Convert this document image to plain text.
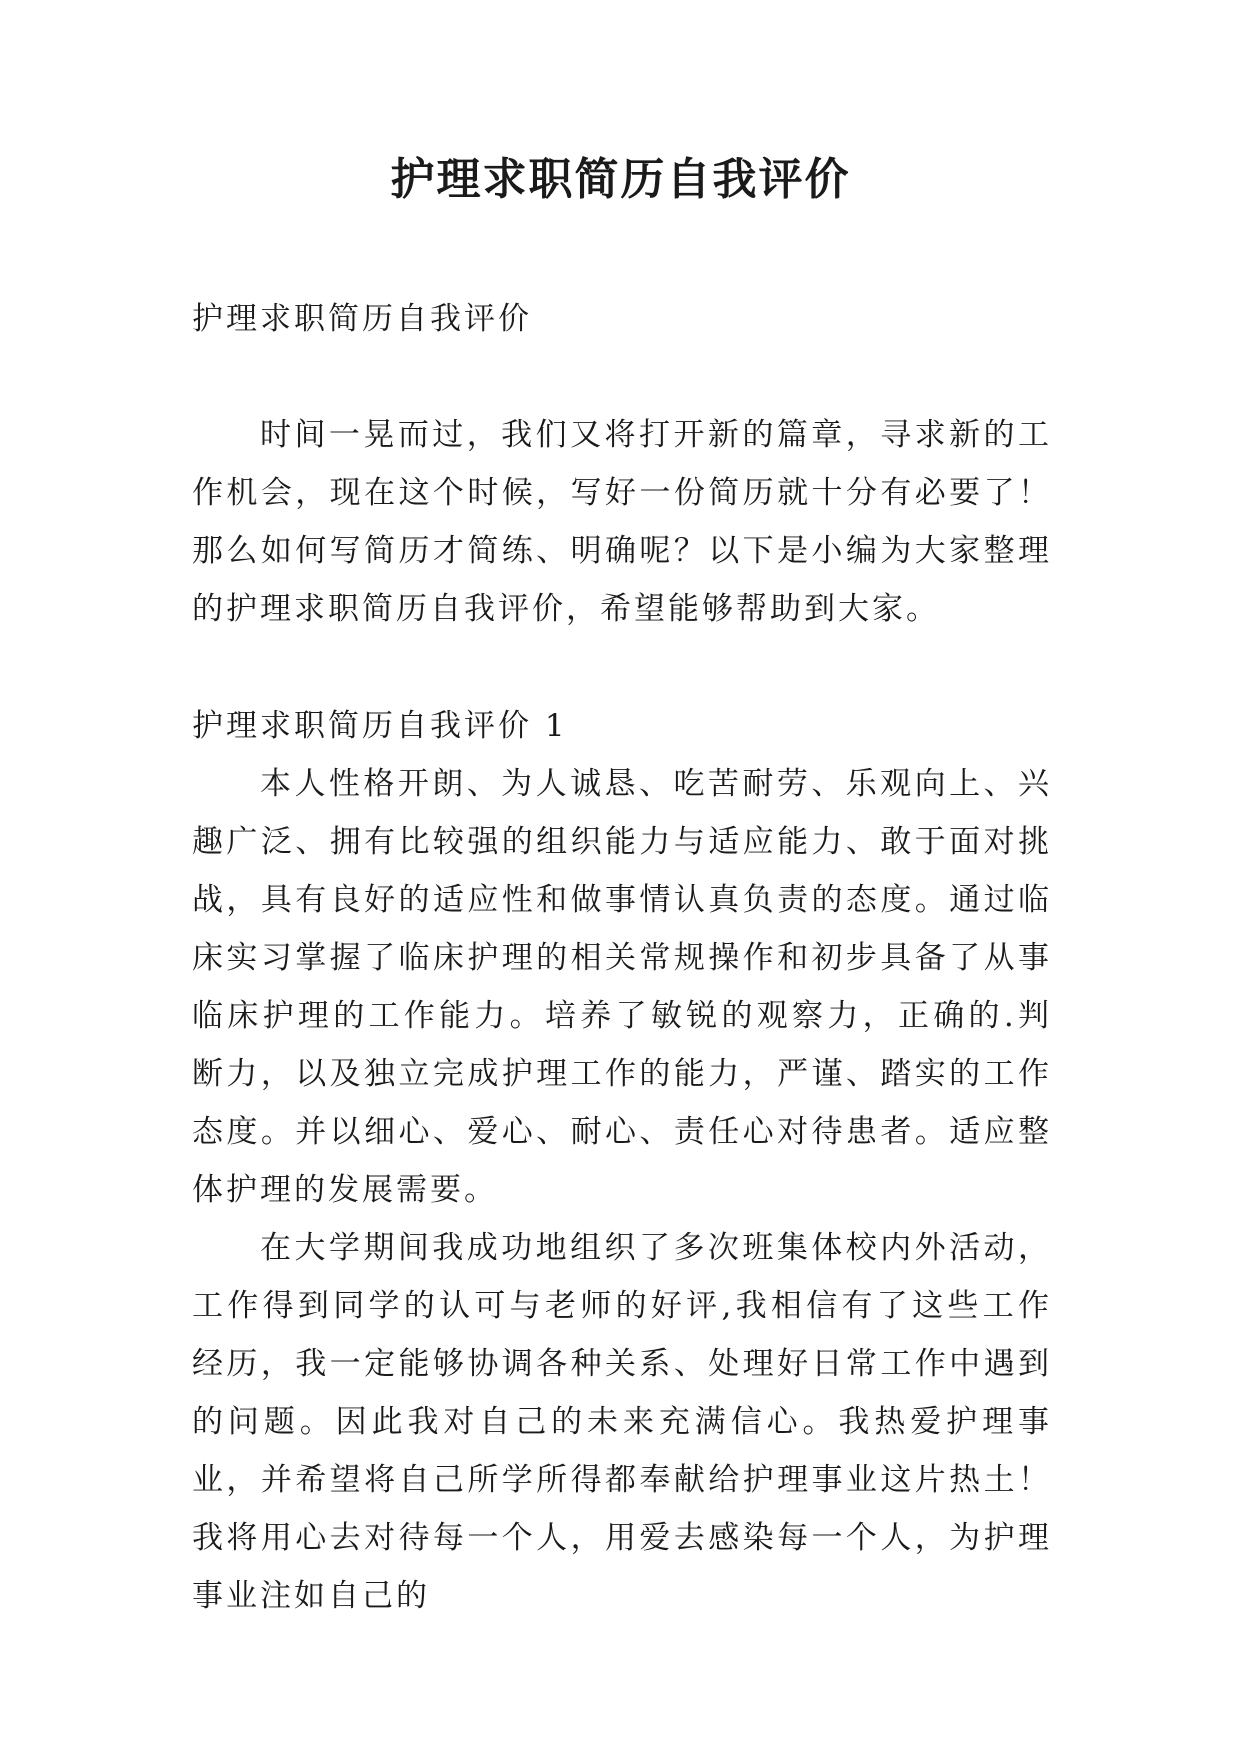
护理求职简历自我评价

护理求职简历自我评价

时间一晃而过，我们又将打开新的篇章，寻求新的工作机会，现在这个时候，写好一份简历就十分有必要了！那么如何写简历才简练、明确呢？以下是小编为大家整理的护理求职简历自我评价，希望能够帮助到大家。

护理求职简历自我评价 1

本人性格开朗、为人诚恳、吃苦耐劳、乐观向上、兴趣广泛、拥有比较强的组织能力与适应能力、敢于面对挑战，具有良好的适应性和做事情认真负责的态度。通过临床实习掌握了临床护理的相关常规操作和初步具备了从事临床护理的工作能力。培养了敏锐的观察力，正确的.判断力，以及独立完成护理工作的能力，严谨、踏实的工作态度。并以细心、爱心、耐心、责任心对待患者。适应整体护理的发展需要。

在大学期间我成功地组织了多次班集体校内外活动，工作得到同学的认可与老师的好评,我相信有了这些工作经历，我一定能够协调各种关系、处理好日常工作中遇到的问题。因此我对自己的未来充满信心。我热爱护理事业，并希望将自己所学所得都奉献给护理事业这片热土！我将用心去对待每一个人，用爱去感染每一个人，为护理事业注如自己的
